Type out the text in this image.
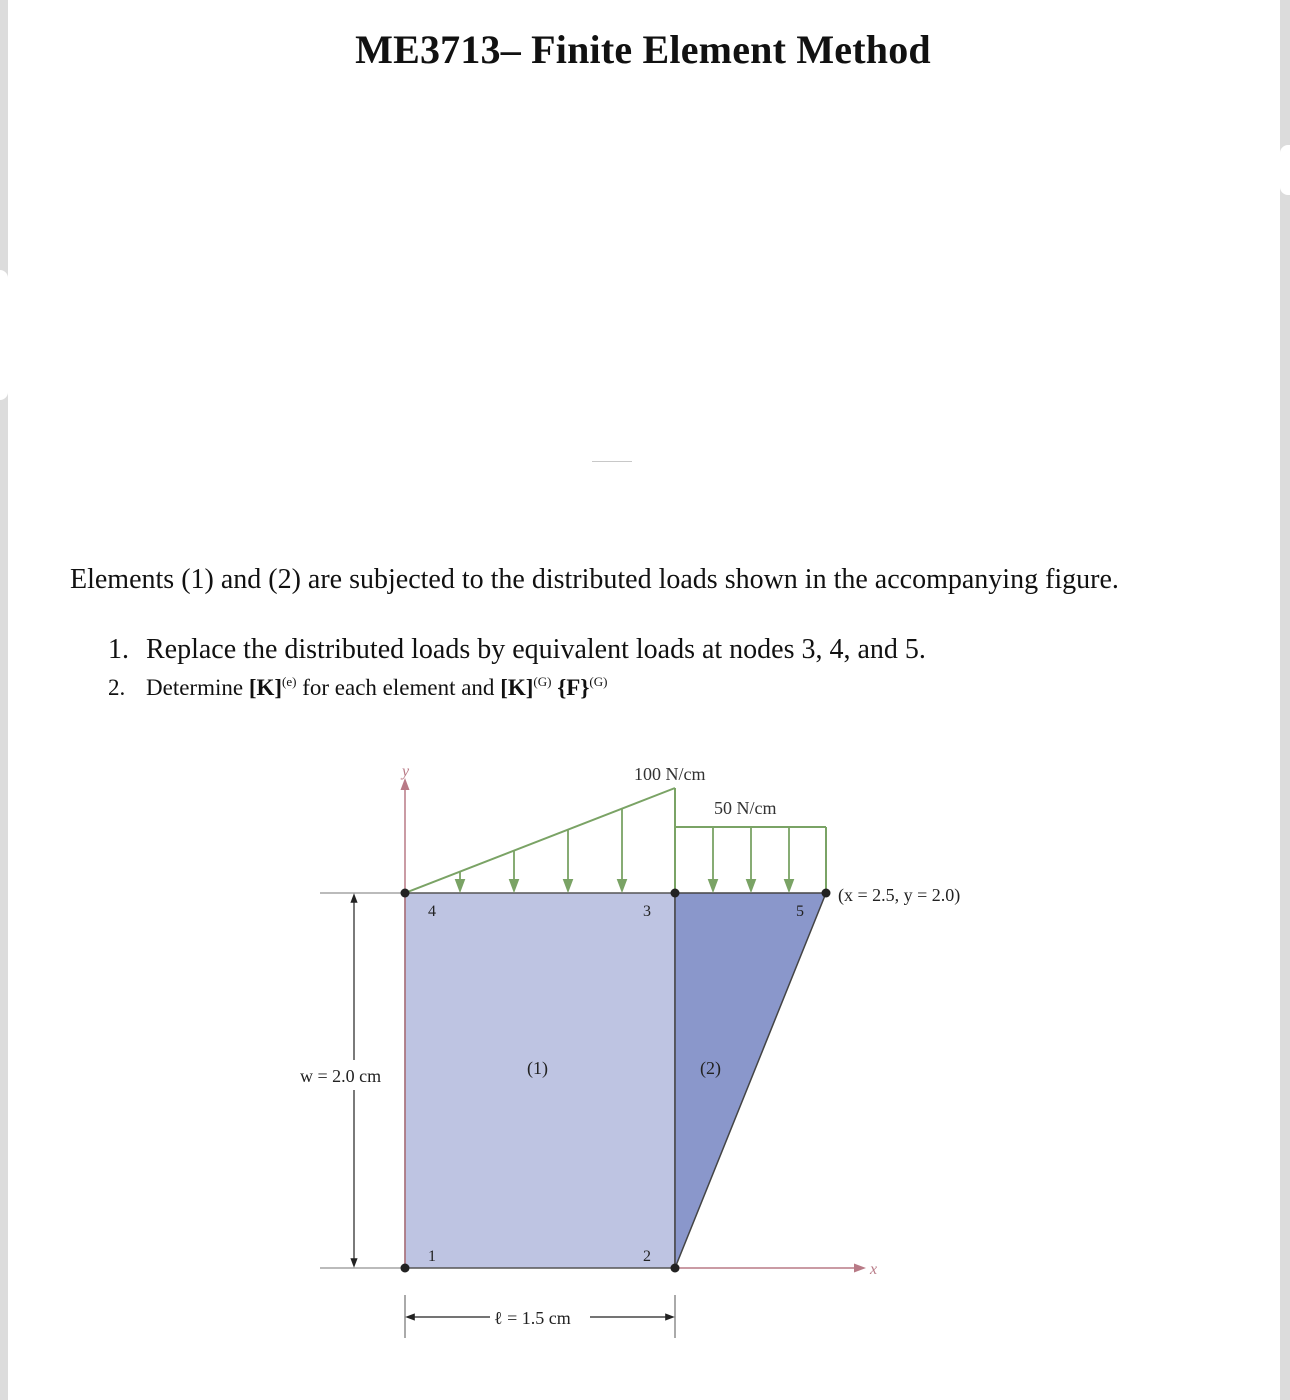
ME3713– Finite Element Method
Elements (1) and (2) are subjected to the distributed loads shown in the accompanying figure.
1. Replace the distributed loads by equivalent loads at nodes 3, 4, and 5.
2. Determine $[K]^{(e)}$ for each element and $[K]^{(G)}$ $\{F\}^{(G)}$
y
x
w = 2.0 cm
ℓ = 1.5 cm
100 N/cm
50 N/cm
1	2
3
4	5
(1)	(2)
(x = 2.5, y = 2.0)
